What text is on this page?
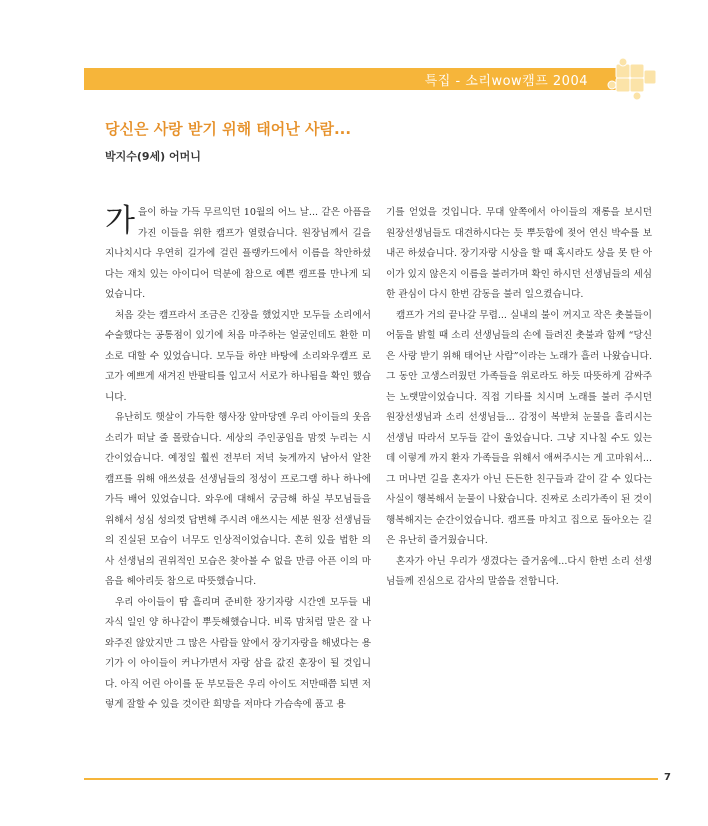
특집 - 소리wow캠프 2004
당신은 사랑 받기 위해 태어난 사람...
박지수(9세) 어머니

가을이 하늘 가득 무르익던 10월의 어느 날... 같은 아픔을 가진 이들을 위한 캠프가 열렸습니다. 원장님께서 길을 지나치시다 우연히 길가에 걸린 플랭카드에서 이름을 착안하셨다는 재치 있는 아이디어 덕분에 참으로 예쁜 캠프를 만나게 되었습니다.

처음 갖는 캠프라서 조금은 긴장을 했었지만 모두들 소리에서 수술했다는 공통점이 있기에 처음 마주하는 얼굴인데도 환한 미소로 대할 수 있었습니다. 모두들 하얀 바탕에 소리와우캠프 로고가 예쁘게 새겨진 반팔티를 입고서 서로가 하나됨을 확인 했습니다.

유난히도 햇살이 가득한 행사장 앞마당엔 우리 아이들의 웃음소리가 떠날 줄 몰랐습니다. 세상의 주인공임을 맘껏 누리는 시간이었습니다. 예정일 훨씬 전부터 저녁 늦게까지 남아서 알찬 캠프를 위해 애쓰셨을 선생님들의 정성이 프로그램 하나 하나에 가득 배어 있었습니다. 와우에 대해서 궁금해 하실 부모님들을 위해서 성심 성의껏 답변해 주시려 애쓰시는 세분 원장 선생님들의 진실된 모습이 너무도 인상적이었습니다. 흔히 있을 법한 의사 선생님의 권위적인 모습은 찾아볼 수 없을 만큼 아픈 이의 마음을 헤아리듯 참으로 따뜻했습니다.

우리 아이들이 땀 흘리며 준비한 장기자랑 시간엔 모두들 내 자식 일인 양 하나같이 뿌듯해했습니다. 비록 맘처럼 말은 잘 나와주진 않았지만 그 많은 사람들 앞에서 장기자랑을 해냈다는 용기가 이 아이들이 커나가면서 자랑 삼을 값진 훈장이 될 것입니다. 아직 어린 아이를 둔 부모들은 우리 아이도 저만때쯤 되면 저렇게 잘할 수 있을 것이란 희망을 저마다 가슴속에 품고 용

기를 얻었을 것입니다. 무대 앞쪽에서 아이들의 재롱을 보시던 원장선생님들도 대견하시다는 듯 뿌듯함에 젖어 연신 박수를 보내곤 하셨습니다. 장기자랑 시상을 할 때 혹시라도 상을 못 탄 아이가 있지 않은지 이름을 불러가며 확인 하시던 선생님들의 세심한 관심이 다시 한번 감동을 불러 일으켰습니다.

캠프가 거의 끝나갈 무렵... 실내의 불이 꺼지고 작은 촛불들이 어둠을 밝힐 때 소리 선생님들의 손에 들려진 촛불과 함께 “당신은 사랑 받기 위해 태어난 사람”이라는 노래가 흘러 나왔습니다. 그 동안 고생스러웠던 가족들을 위로라도 하듯 따뜻하게 감싸주는 노랫말이었습니다. 직접 기타를 치시며 노래를 불러 주시던 원장선생님과 소리 선생님들... 감정이 복받쳐 눈물을 흘리시는 선생님 따라서 모두들 같이 울었습니다. 그냥 지나칠 수도 있는데 이렇게 까지 환자 가족들을 위해서 애써주시는 게 고마워서... 그 머나먼 길을 혼자가 아닌 든든한 친구들과 같이 갈 수 있다는 사실이 행복해서 눈물이 나왔습니다. 진짜로 소리가족이 된 것이 행복해지는 순간이었습니다. 캠프를 마치고 집으로 돌아오는 길은 유난히 즐거웠습니다.

혼자가 아닌 우리가 생겼다는 즐거움에...다시 한번 소리 선생님들께 진심으로 감사의 말씀을 전합니다.

7
